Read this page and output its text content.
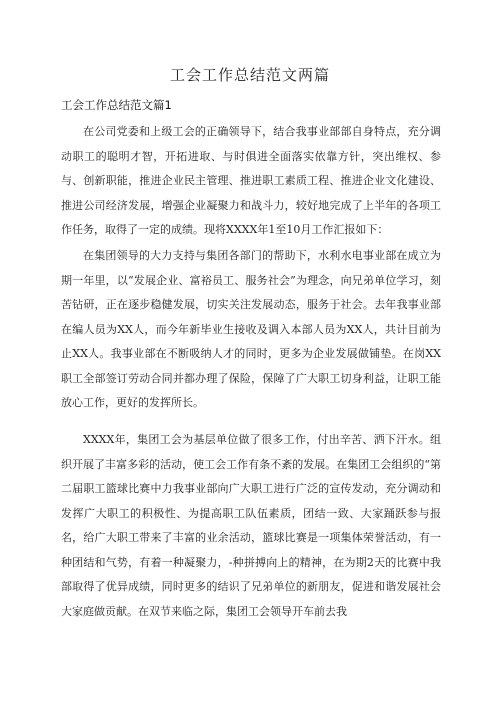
工会工作总结范文两篇
工会工作总结范文篇1

在公司党委和上级工会的正确领导下，结合我事业部部自身特点，充分调动职工的聪明才智，开拓进取、与时俱进全面落实依靠方针，突出维权、参与、创新职能，推进企业民主管理、推进职工素质工程、推进企业文化建设、推进公司经济发展，增强企业凝聚力和战斗力，较好地完成了上半年的各项工作任务，取得了一定的成绩。现将XXXX年1至10月工作汇报如下：

在集团领导的大力支持与集团各部门的帮助下，水利水电事业部在成立为期一年里，以“发展企业、富裕员工、服务社会”为理念，向兄弟单位学习，刻苦钻研，正在逐步稳健发展，切实关注发展动态，服务于社会。去年我事业部在编人员为XX人，而今年新毕业生接收及调入本部人员为XX人，共计目前为止XX人。我事业部在不断吸纳人才的同时，更多为企业发展做铺垫。在岗XX职工全部签订劳动合同并都办理了保险，保障了广大职工切身利益，让职工能放心工作，更好的发挥所长。

XXXX年，集团工会为基层单位做了很多工作，付出辛苦、洒下汗水。组织开展了丰富多彩的活动，使工会工作有条不紊的发展。在集团工会组织的“第二届职工篮球比赛中力我事业部向广大职工进行广泛的宣传发动，充分调动和发挥广大职工的积极性、为提高职工队伍素质，团结一致、大家踊跃参与报名，给广大职工带来了丰富的业余活动，篮球比赛是一项集体荣誉活动，有一种团结和气势，有着一种凝聚力，-种拼搏向上的精神，在为期2天的比赛中我部取得了优异成绩，同时更多的结识了兄弟单位的新朋友，促进和谐发展社会大家庭做贡献。在双节来临之际，集团工会领导开车前去我
